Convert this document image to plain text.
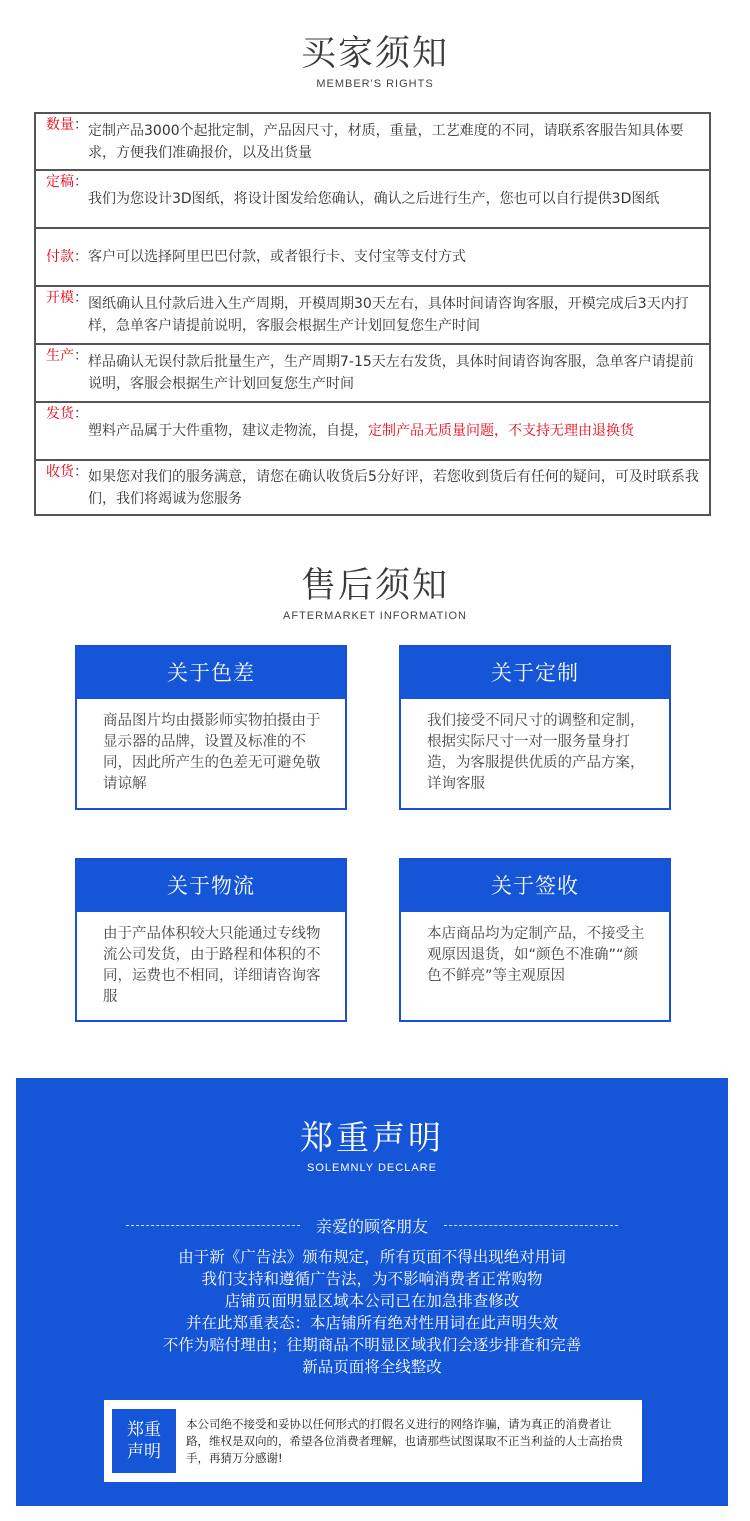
买家须知
MEMBER'S RIGHTS
数量 ： 定制产品3000个起批定制，产品因尺寸，材质，重量，工艺难度的不同，请联系客服告知具体要求，方便我们准确报价，以及出货量
定稿 ：
我们为您设计3D图纸，将设计图发给您确认，确认之后进行生产，您也可以自行提供3D图纸
付款 ： 客户可以选择阿里巴巴付款，或者银行卡、支付宝等支付方式
开模 ： 图纸确认且付款后进入生产周期，开模周期30天左右，具体时间请咨询客服，开模完成后3天内打样，急单客户请提前说明，客服会根据生产计划回复您生产时间
生产 ： 样品确认无误付款后批量生产，生产周期7-15天左右发货，具体时间请咨询客服，急单客户请提前说明，客服会根据生产计划回复您生产时间
发货 ：
塑料产品属于大件重物，建议走物流，自提，定制产品无质量问题，不支持无理由退换货
收货 ： 如果您对我们的服务满意，请您在确认收货后5分好评，若您收到货后有任何的疑问，可及时联系我们，我们将竭诚为您服务
售后须知
AFTERMARKET INFORMATION
关于色差
商品图片均由摄影师实物拍摄由于显示器的品牌，设置及标准的不同，因此所产生的色差无可避免敬请谅解
关于定制
我们接受不同尺寸的调整和定制，根据实际尺寸一对一服务量身打造，为客服提供优质的产品方案，详询客服
关于物流
由于产品体积较大只能通过专线物流公司发货，由于路程和体积的不同，运费也不相同，详细请咨询客服
关于签收
本店商品均为定制产品，不接受主观原因退货，如“颜色不准确”“颜色不鲜亮”等主观原因
郑重声明
SOLEMNLY DECLARE
亲爱的顾客朋友
由于新《广告法》颁布规定，所有页面不得出现绝对用词
我们支持和遵循广告法，为不影响消费者正常购物
店铺页面明显区域本公司已在加急排查修改
并在此郑重表态：本店铺所有绝对性用词在此声明失效
不作为赔付理由；往期商品不明显区域我们会逐步排查和完善
新品页面将全线整改
郑重
声明
本公司绝不接受和妥协以任何形式的打假名义进行的网络诈骗，请为真正的消费者让路，维权是双向的，希望各位消费者理解，也请那些试图谋取不正当利益的人士高抬贵手，再猜万分感谢!
